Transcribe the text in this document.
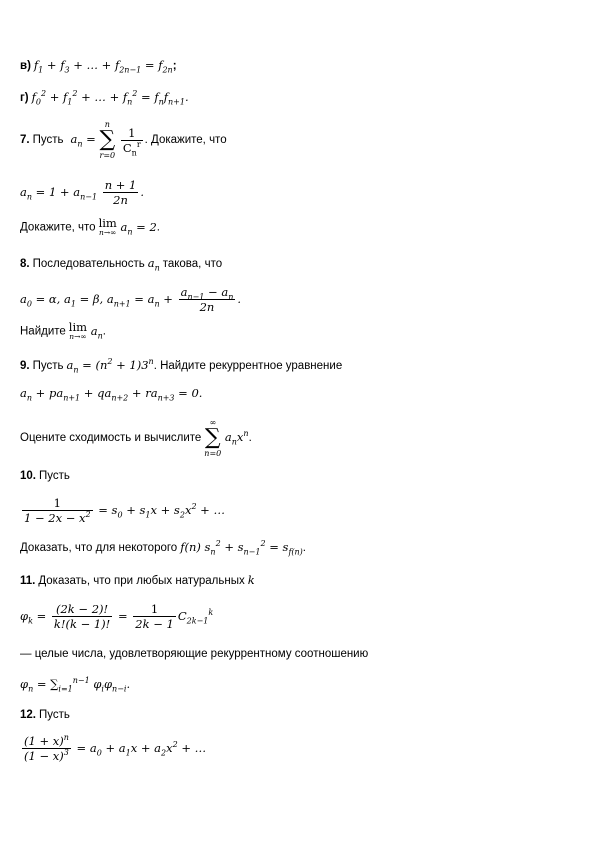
в) $f_1 + f_3$ + … + $f_{2n-1} = f_{2n}$;
г) $f_0^2 + f_1^2$ + … + $f_n^2 = f_nf_{n+1}$.
7. Пусть $a_n$ =
n
∑
r=0

$\frac{1}{C_n^r}$ . Докажите, что
$a_n = 1 + a_{n-1} \frac{n + 1}{2n}$ .
Докажите, что lim
n→∞ $a_n = 2$.
8. Последовательность $a_n$ такова, что
$a_0 = \alpha$, $a_1 = \beta$, $a_{n+1} = a_n + \frac{a_{n-1} - a_n}{2n}$ .
Найдите lim
n→∞ $a_n$.
9. Пусть $a_n = (n^2 + 1)3^n$. Найдите рекуррентное уравнение
$a_n + pa_{n+1} + qa_{n+2} + ra_{n+3} = 0$.
Оцените сходимость и вычислите
∞
∑
n=0
$a_nx^n$.
10. Пусть
$\frac{1}{1 - 2x - x^2} = s_0 + s_1x + s_2x^2$ + …
Доказать, что для некоторого f(n) $s_n^2 + s_{n-1}^2 = s_{f(n)}$.
11. Доказать, что при любых натуральных k
$\varphi_k = \frac{(2k - 2)!}{k!(k - 1)!} = \frac{1}{2k - 1} C_{2k-1}^k$
— целые числа, удовлетворяющие рекуррентному соотношению
$\varphi_n = \sum_{i=1}^{n-1}$ $\varphi_i\varphi_{n-i}$.
12. Пусть
$\frac{(1 + x)^n}{(1 - x)^3} = a_0 + a_1x + a_2x^2$ + …
